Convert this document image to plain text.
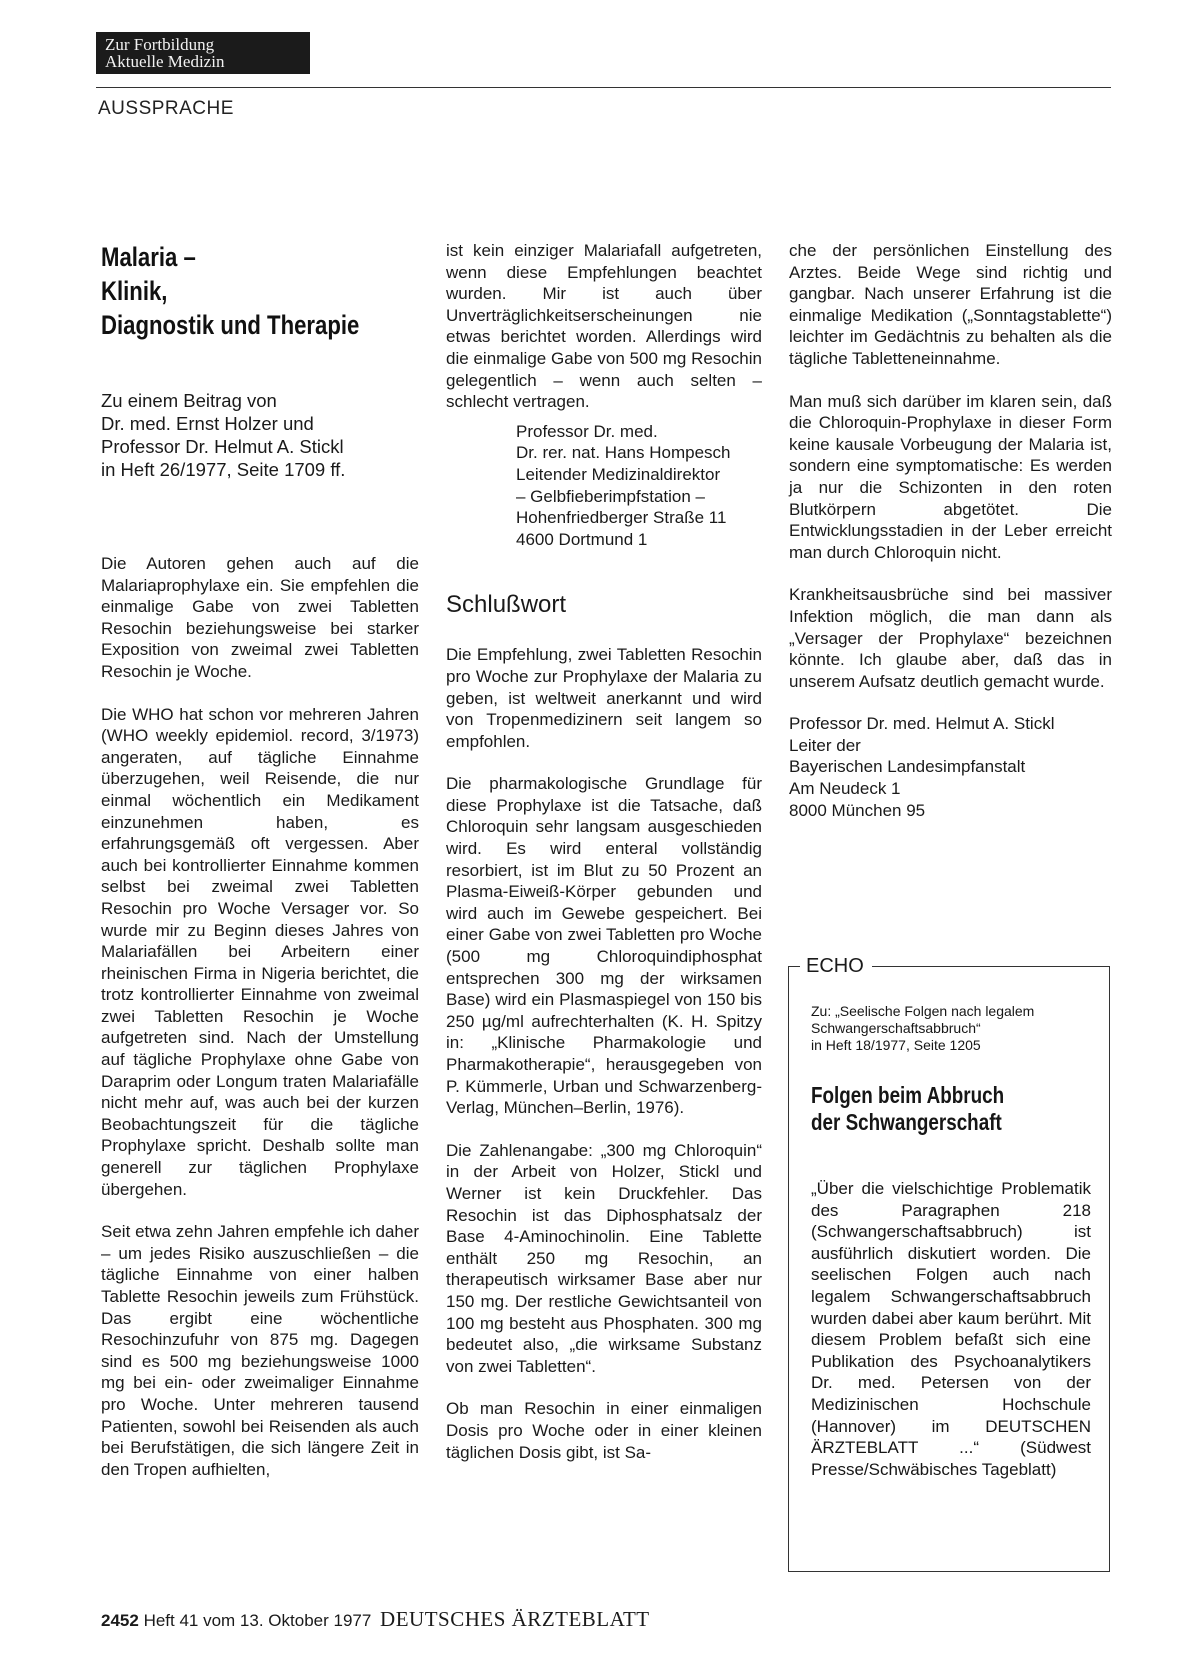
Zur Fortbildung
Aktuelle Medizin
AUSSPRACHE
Malaria –
Klinik,
Diagnostik und Therapie
Zu einem Beitrag von
Dr. med. Ernst Holzer und
Professor Dr. Helmut A. Stickl
in Heft 26/1977, Seite 1709 ff.

Die Autoren gehen auch auf die Malariaprophylaxe ein. Sie empfehlen die einmalige Gabe von zwei Tabletten Resochin beziehungsweise bei starker Exposition von zweimal zwei Tabletten Resochin je Woche.

Die WHO hat schon vor mehreren Jahren (WHO weekly epidemiol. record, 3/1973) angeraten, auf tägliche Einnahme überzugehen, weil Reisende, die nur einmal wöchentlich ein Medikament einzunehmen haben, es erfahrungsgemäß oft vergessen. Aber auch bei kontrollierter Einnahme kommen selbst bei zweimal zwei Tabletten Resochin pro Woche Versager vor. So wurde mir zu Beginn dieses Jahres von Malariafällen bei Arbeitern einer rheinischen Firma in Nigeria berichtet, die trotz kontrollierter Einnahme von zweimal zwei Tabletten Resochin je Woche aufgetreten sind. Nach der Umstellung auf tägliche Prophylaxe ohne Gabe von Daraprim oder Longum traten Malariafälle nicht mehr auf, was auch bei der kurzen Beobachtungszeit für die tägliche Prophylaxe spricht. Deshalb sollte man generell zur täglichen Prophylaxe übergehen.

Seit etwa zehn Jahren empfehle ich daher – um jedes Risiko auszuschließen – die tägliche Einnahme von einer halben Tablette Resochin jeweils zum Frühstück. Das ergibt eine wöchentliche Resochinzufuhr von 875 mg. Dagegen sind es 500 mg beziehungsweise 1000 mg bei ein- oder zweimaliger Einnahme pro Woche. Unter mehreren tausend Patienten, sowohl bei Reisenden als auch bei Berufstätigen, die sich längere Zeit in den Tropen aufhielten,

ist kein einziger Malariafall aufgetreten, wenn diese Empfehlungen beachtet wurden. Mir ist auch über Unverträglichkeitserscheinungen nie etwas berichtet worden. Allerdings wird die einmalige Gabe von 500 mg Resochin gelegentlich – wenn auch selten – schlecht vertragen.

Professor Dr. med.
Dr. rer. nat. Hans Hompesch
Leitender Medizinaldirektor
– Gelbfieberimpfstation –
Hohenfriedberger Straße 11
4600 Dortmund 1
Schlußwort

Die Empfehlung, zwei Tabletten Resochin pro Woche zur Prophylaxe der Malaria zu geben, ist weltweit anerkannt und wird von Tropenmedizinern seit langem so empfohlen.

Die pharmakologische Grundlage für diese Prophylaxe ist die Tatsache, daß Chloroquin sehr langsam ausgeschieden wird. Es wird enteral vollständig resorbiert, ist im Blut zu 50 Prozent an Plasma-Eiweiß-Körper gebunden und wird auch im Gewebe gespeichert. Bei einer Gabe von zwei Tabletten pro Woche (500 mg Chloroquindiphosphat entsprechen 300 mg der wirksamen Base) wird ein Plasmaspiegel von 150 bis 250 µg/ml aufrechterhalten (K. H. Spitzy in: „Klinische Pharmakologie und Pharmakotherapie“, herausgegeben von P. Kümmerle, Urban und Schwarzenberg-Verlag, München–Berlin, 1976).

Die Zahlenangabe: „300 mg Chloroquin“ in der Arbeit von Holzer, Stickl und Werner ist kein Druckfehler. Das Resochin ist das Diphosphatsalz der Base 4-Aminochinolin. Eine Tablette enthält 250 mg Resochin, an therapeutisch wirksamer Base aber nur 150 mg. Der restliche Gewichtsanteil von 100 mg besteht aus Phosphaten. 300 mg bedeutet also, „die wirksame Substanz von zwei Tabletten“.

Ob man Resochin in einer einmaligen Dosis pro Woche oder in einer kleinen täglichen Dosis gibt, ist Sa-

che der persönlichen Einstellung des Arztes. Beide Wege sind richtig und gangbar. Nach unserer Erfahrung ist die einmalige Medikation („Sonntagstablette“) leichter im Gedächtnis zu behalten als die tägliche Tabletteneinnahme.

Man muß sich darüber im klaren sein, daß die Chloroquin-Prophylaxe in dieser Form keine kausale Vorbeugung der Malaria ist, sondern eine symptomatische: Es werden ja nur die Schizonten in den roten Blutkörpern abgetötet. Die Entwicklungsstadien in der Leber erreicht man durch Chloroquin nicht.

Krankheitsausbrüche sind bei massiver Infektion möglich, die man dann als „Versager der Prophylaxe“ bezeichnen könnte. Ich glaube aber, daß das in unserem Aufsatz deutlich gemacht wurde.

Professor Dr. med. Helmut A. Stickl
Leiter der
Bayerischen Landesimpfanstalt
Am Neudeck 1
8000 München 95
ECHO
Zu: „Seelische Folgen nach legalem Schwangerschaftsabbruch“
in Heft 18/1977, Seite 1205
Folgen beim Abbruch
der Schwangerschaft
„Über die vielschichtige Problematik des Paragraphen 218 (Schwangerschaftsabbruch) ist ausführlich diskutiert worden. Die seelischen Folgen auch nach legalem Schwangerschaftsabbruch wurden dabei aber kaum berührt. Mit diesem Problem befaßt sich eine Publikation des Psychoanalytikers Dr. med. Petersen von der Medizinischen Hochschule (Hannover) im DEUTSCHEN ÄRZTEBLATT ...“ (Südwest Presse/Schwäbisches Tageblatt)
2452 Heft 41 vom 13. Oktober 1977 DEUTSCHES ÄRZTEBLATT
